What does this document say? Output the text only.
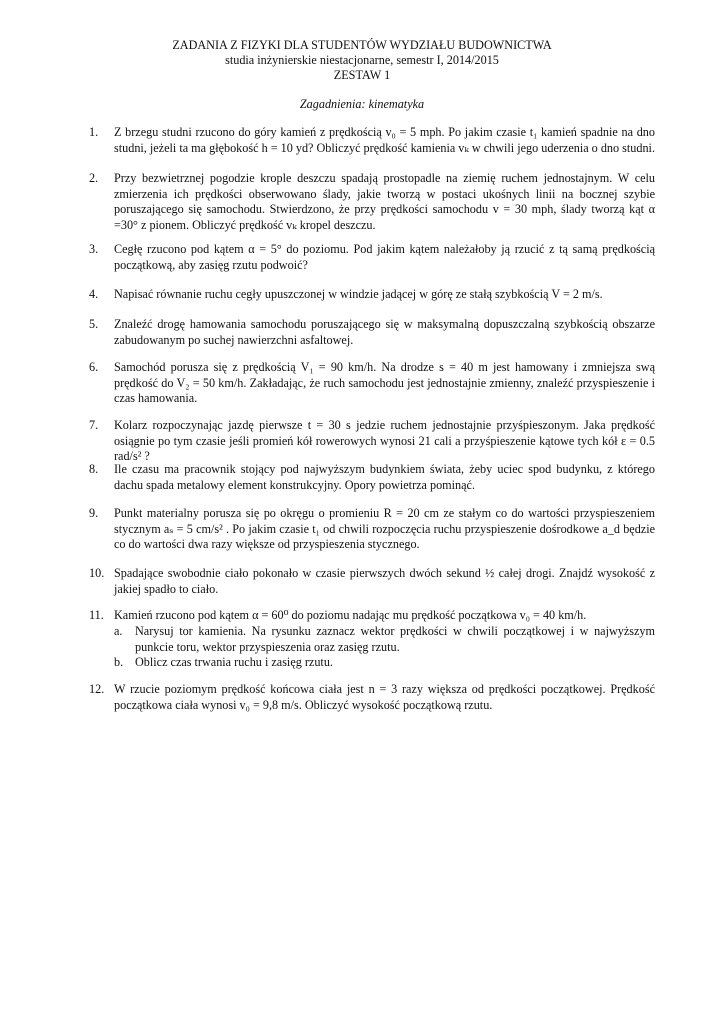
ZADANIA Z FIZYKI DLA STUDENTÓW WYDZIAŁU BUDOWNICTWA
studia inżynierskie niestacjonarne, semestr I, 2014/2015
ZESTAW 1
Zagadnienia: kinematyka
1.	Z brzegu studni rzucono do góry kamień z prędkością v₀ = 5 mph. Po jakim czasie t₁ kamień spadnie na dno studni, jeżeli ta ma głębokość h = 10 yd? Obliczyć prędkość kamienia vₖ w chwili jego uderzenia o dno studni.
2.	Przy bezwietrznej pogodzie krople deszczu spadają prostopadle na ziemię ruchem jednostajnym. W celu zmierzenia ich prędkości obserwowano ślady, jakie tworzą w postaci ukośnych linii na bocznej szybie poruszającego się samochodu. Stwierdzono, że przy prędkości samochodu v = 30 mph, ślady tworzą kąt α =30° z pionem. Obliczyć prędkość vₖ kropel deszczu.
3.	Cegłę rzucono pod kątem α = 5° do poziomu. Pod jakim kątem należałoby ją rzucić z tą samą prędkością początkową, aby zasięg rzutu podwoić?
4.	Napisać równanie ruchu cegły upuszczonej w windzie jadącej w górę ze stałą szybkością V = 2 m/s.
5.	Znaleźć drogę hamowania samochodu poruszającego się w maksymalną dopuszczalną szybkością obszarze zabudowanym po suchej nawierzchni asfaltowej.
6.	Samochód porusza się z prędkością V₁ = 90 km/h. Na drodze s = 40 m jest hamowany i zmniejsza swą prędkość do V₂ = 50 km/h. Zakładając, że ruch samochodu jest jednostajnie zmienny, znaleźć przyspieszenie i czas hamowania.
7.	Kolarz rozpoczynając jazdę pierwsze t = 30 s jedzie ruchem jednostajnie przyśpieszonym. Jaka prędkość osiągnie po tym czasie jeśli promień kół rowerowych wynosi 21 cali a przyśpieszenie kątowe tych kół ε = 0.5 rad/s² ?
8.	Ile czasu ma pracownik stojący pod najwyższym budynkiem świata, żeby uciec spod budynku, z którego dachu spada metalowy element konstrukcyjny. Opory powietrza pominąć.
9.	Punkt materialny porusza się po okręgu o promieniu R = 20 cm ze stałym co do wartości przyspieszeniem stycznym aₛ = 5 cm/s² . Po jakim czasie t₁ od chwili rozpoczęcia ruchu przyspieszenie dośrodkowe a_d będzie co do wartości dwa razy większe od przyspieszenia stycznego.
10. Spadające swobodnie ciało pokonało w czasie pierwszych dwóch sekund ½ całej drogi. Znajdź wysokość z jakiej spadło to ciało.
11. Kamień rzucono pod kątem α = 60⁰ do poziomu nadając mu prędkość początkowa v₀ = 40 km/h.
a. Narysuj tor kamienia. Na rysunku zaznacz wektor prędkości w chwili początkowej i w najwyższym punkcie toru, wektor przyspieszenia oraz zasięg rzutu.
b. Oblicz czas trwania ruchu i zasięg rzutu.
12. W rzucie poziomym prędkość końcowa ciała jest n = 3 razy większa od prędkości początkowej. Prędkość początkowa ciała wynosi v₀ = 9,8 m/s. Obliczyć wysokość początkową rzutu.
